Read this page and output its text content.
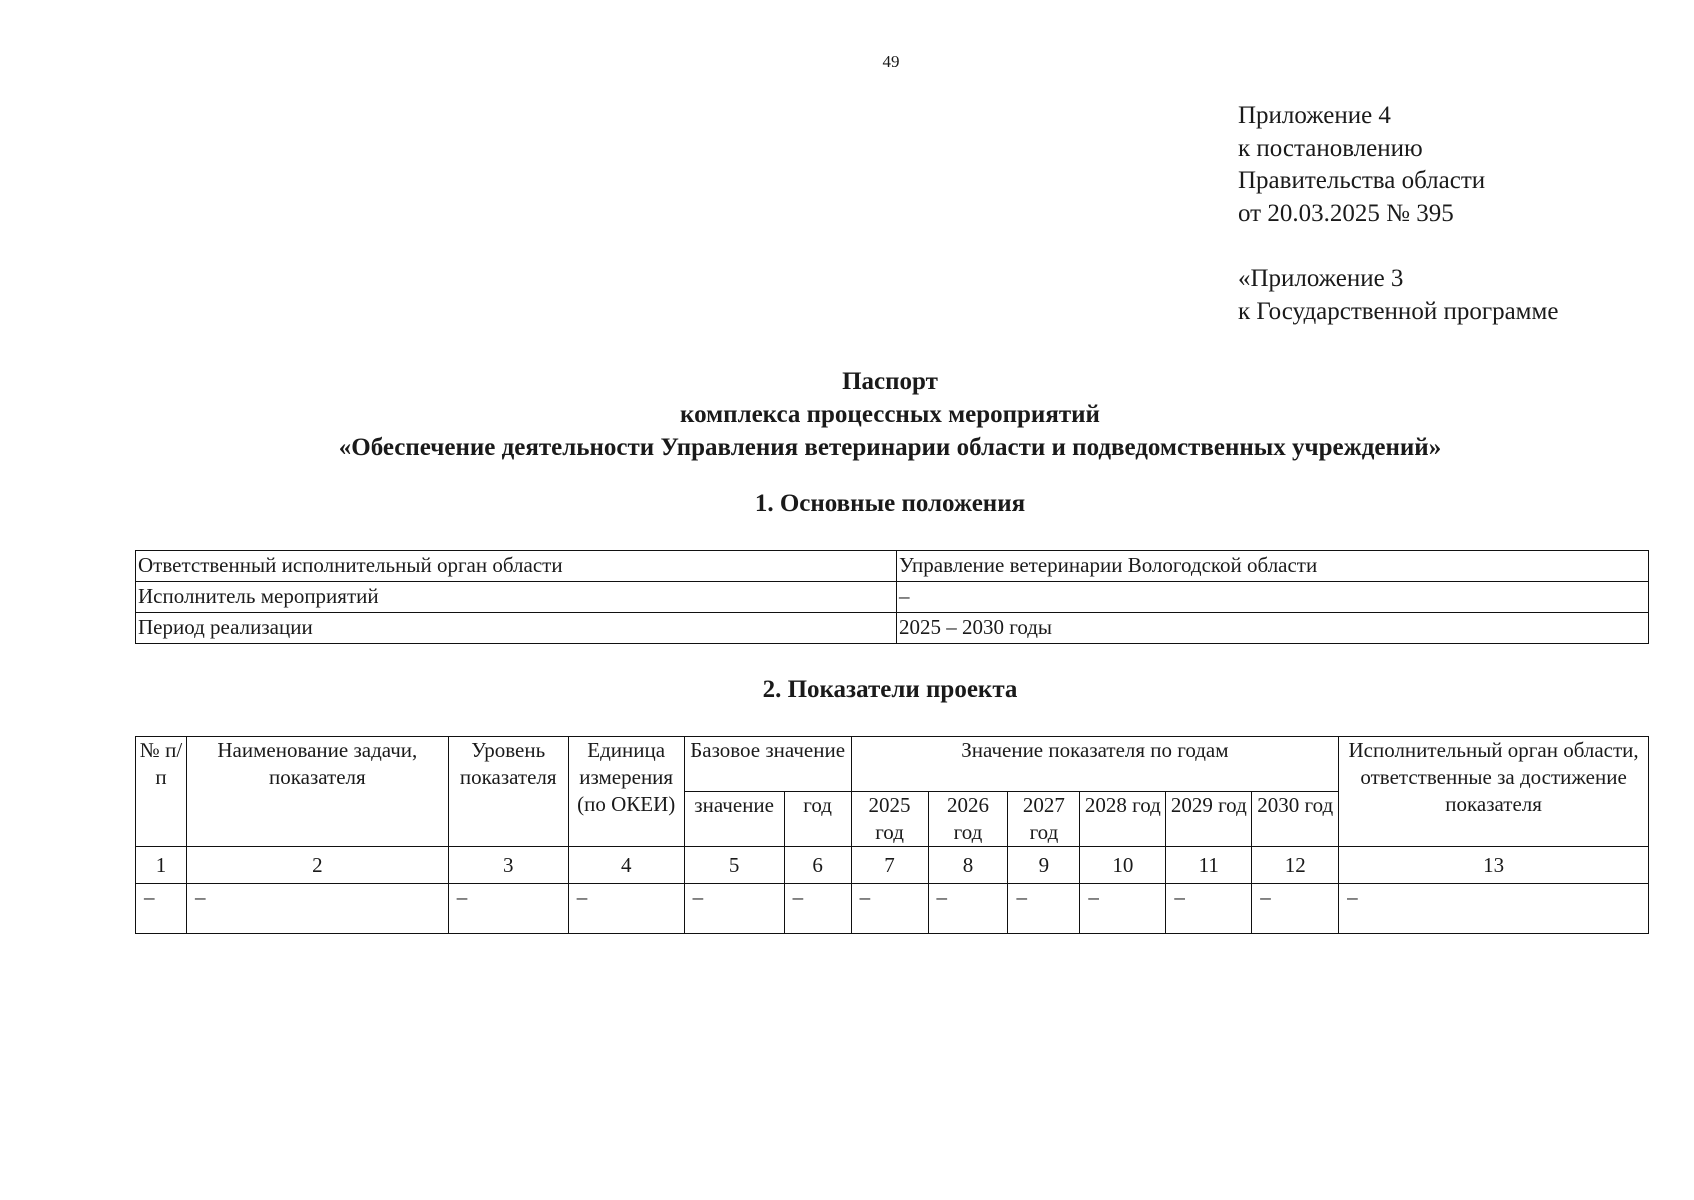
49
Приложение 4
к постановлению
Правительства области
от 20.03.2025 № 395
«Приложение 3
к Государственной программе
Паспорт
комплекса процессных мероприятий
«Обеспечение деятельности Управления ветеринарии области и подведомственных учреждений»
1. Основные положения
Ответственный исполнительный орган области	Управление ветеринарии Вологодской области
Исполнитель мероприятий	–
Период реализации	2025 – 2030 годы
2. Показатели проекта
№ п/п	Наименование задачи, показателя	Уровень показателя	Единица измерения (по ОКЕИ)	Базовое значение		Значение показателя по годам						Исполнительный орган области, ответственные за достижение показателя
				значение	год	2025 год	2026 год	2027 год	2028 год	2029 год	2030 год	
1	2	3	4	5	6	7	8	9	10	11	12	13
–	–	–	–	–	–	–	–	–	–	–	–	–
